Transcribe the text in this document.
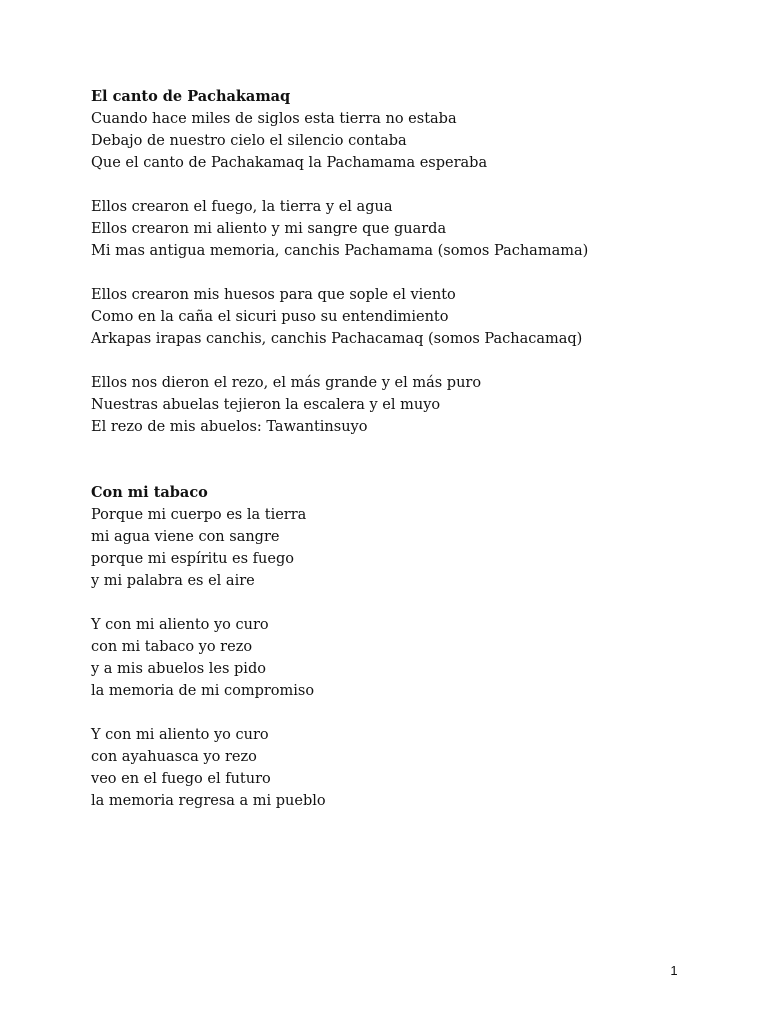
El canto de Pachakamaq
Cuando hace miles de siglos esta tierra no estaba
Debajo de nuestro cielo el silencio contaba
Que el canto de Pachakamaq la Pachamama esperaba
Ellos crearon el fuego, la tierra y el agua
Ellos crearon mi aliento y mi sangre que guarda
Mi mas antigua memoria, canchis Pachamama (somos Pachamama)
Ellos crearon mis huesos para que sople el viento
Como en la caña el sicuri puso su entendimiento
Arkapas irapas canchis, canchis Pachacamaq (somos Pachacamaq)
Ellos nos dieron el rezo, el más grande y el más puro
Nuestras abuelas tejieron la escalera y el muyo
El rezo de mis abuelos: Tawantinsuyo
Con mi tabaco
Porque mi cuerpo es la tierra
mi agua viene con sangre
porque mi espíritu es fuego
y mi palabra es el aire
Y con mi aliento yo curo
con mi tabaco yo rezo
y a mis abuelos les pido
la memoria de mi compromiso
Y con mi aliento yo curo
con ayahuasca yo rezo
veo en el fuego el futuro
la memoria regresa a mi pueblo
1
